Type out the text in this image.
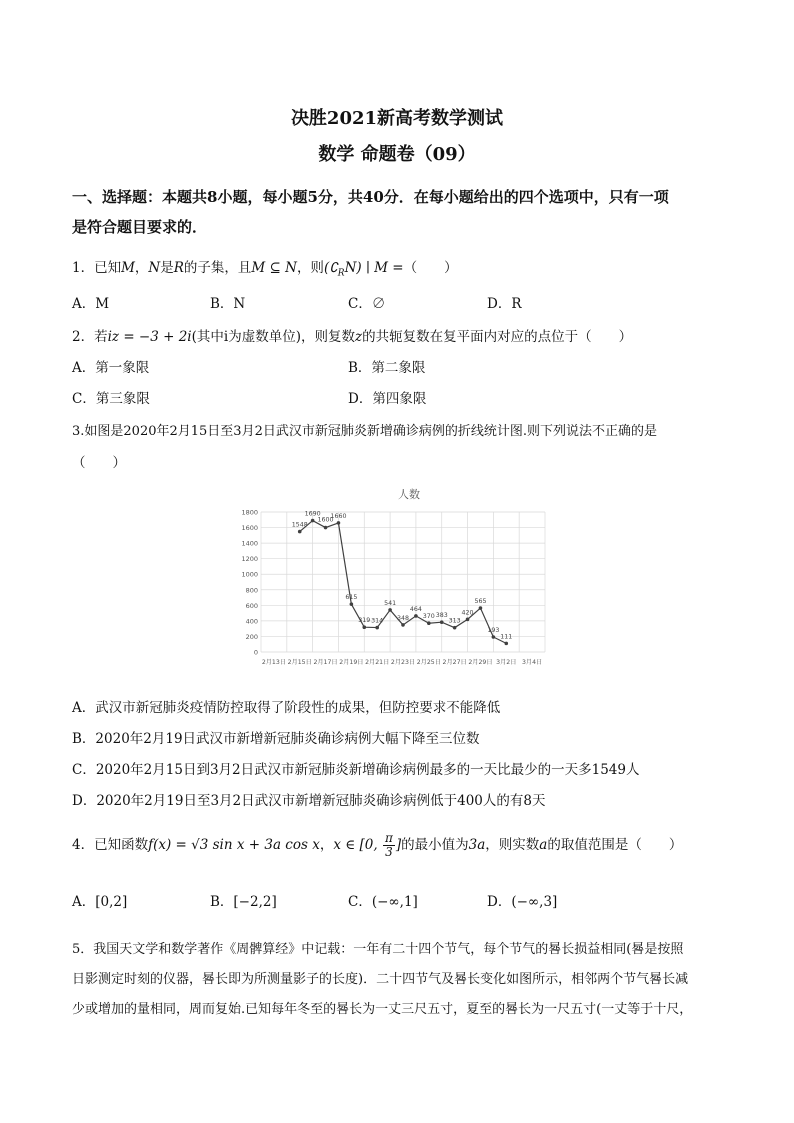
决胜2021新高考数学测试
数学 命题卷（09）
一、选择题：本题共8小题，每小题5分，共40分．在每小题给出的四个选项中，只有一项
是符合题目要求的．
1．已知M，N是R的子集，且M ⊆ N，则$(∁_RN)$ ∣ M =（　　）
A．M	B．N	C．∅	D．R
2．若iz = −3 + 2i(其中i为虚数单位)，则复数z的共轭复数在复平面内对应的点位于（　　）
A．第一象限	B．第二象限
C．第三象限	D．第四象限
3.如图是2020年2月15日至3月2日武汉市新冠肺炎新增确诊病例的折线统计图.则下列说法不正确的是
（　　）
人数
0
200
400
600
800
1000
1200
1400
1600
1800
2月13日 2月15日 2月17日 2月19日 2月21日 2月23日 2月25日 2月27日 2月29日 3月2日 3月4日
1548
1690
1600
1660
615
319 314
541
348
464
370 383
313
420
565
193
111
A．武汉市新冠肺炎疫情防控取得了阶段性的成果，但防控要求不能降低
B．2020年2月19日武汉市新增新冠肺炎确诊病例大幅下降至三位数
C．2020年2月15日到3月2日武汉市新冠肺炎新增确诊病例最多的一天比最少的一天多1549人
D．2020年2月19日至3月2日武汉市新增新冠肺炎确诊病例低于400人的有8天
4．已知函数f(x) = √3 sin x + 3a cos x，x ∈ [0, $\frac{\pi}{3}$ ]的最小值为3a，则实数a的取值范围是（　　）
A．[0,2]	B．[−2,2]	C．(−∞,1]	D．(−∞,3]
5．我国天文学和数学著作《周髀算经》中记载：一年有二十四个节气，每个节气的晷长损益相同(晷是按照
日影测定时刻的仪器，晷长即为所测量影子的长度)．二十四节气及晷长变化如图所示，相邻两个节气晷长减
少或增加的量相同，周而复始.已知每年冬至的晷长为一丈三尺五寸，夏至的晷长为一尺五寸(一丈等于十尺，
